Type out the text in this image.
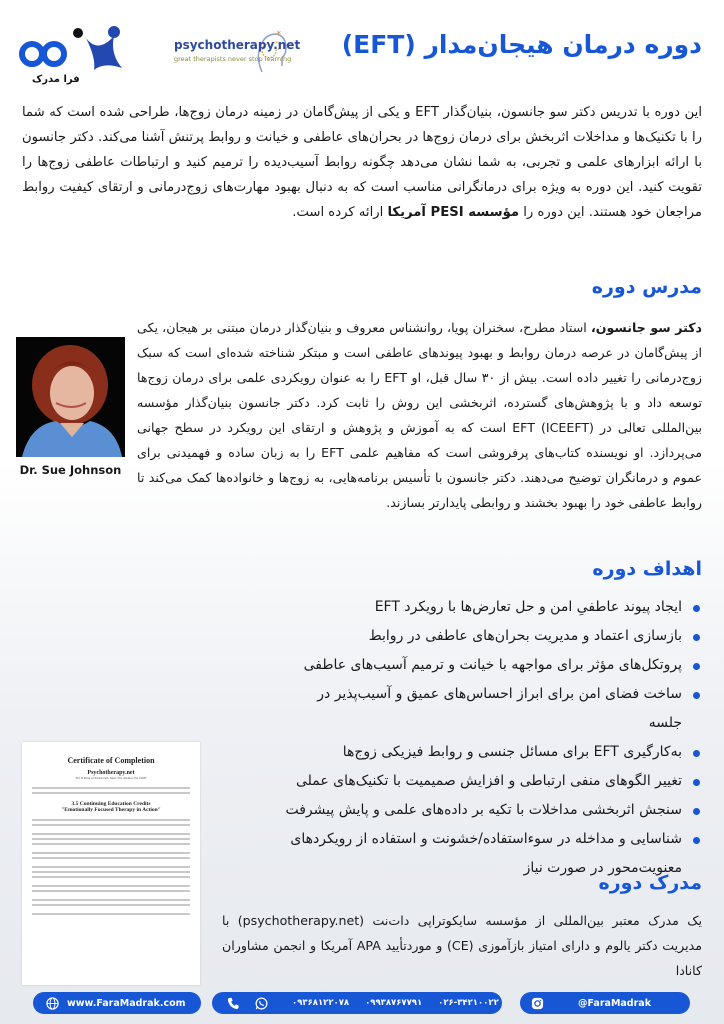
دوره درمان هیجان‌مدار (EFT)
فرا مدرک
*
psychotherapy.net
great therapists never stop learning

این دوره با تدریس دکتر سو جانسون، بنیان‌گذار EFT و یکی از پیش‌گامان در زمینه درمان زوج‌ها، طراحی شده است که شما را با تکنیک‌ها و مداخلات اثربخش برای درمان زوج‌ها در بحران‌های عاطفی و خیانت و روابط پرتنش آشنا می‌کند. دکتر جانسون با ارائه ابزارهای علمی و تجربی، به شما نشان می‌دهد چگونه روابط آسیب‌دیده را ترمیم کنید و ارتباطات عاطفی زوج‌ها را تقویت کنید. این دوره به ویژه برای درمانگرانی مناسب است که به دنبال بهبود مهارت‌های زوج‌درمانی و ارتقای کیفیت روابط مراجعان خود هستند. این دوره را مؤسسه PESI آمریکا ارائه کرده است.

مدرس دوره
Dr. Sue Johnson

دکتر سو جانسون، استاد مطرح، سخنران پویا، روانشناس معروف و بنیان‌گذار درمان مبتنی بر هیجان، یکی از پیش‌گامان در عرصه درمان روابط و بهبود پیوندهای عاطفی است و مبتکر شناخته شده‌ای است که سبک زوج‌درمانی را تغییر داده است. بیش از ۳۰ سال قبل، او EFT را به عنوان رویکردی علمی برای درمان زوج‌ها توسعه داد و با پژوهش‌های گسترده، اثربخشی این روش را ثابت کرد. دکتر جانسون بنیان‌گذار مؤسسه بین‌المللی تعالی در EFT (ICEEFT) است که به آموزش و پژوهش و ارتقای این رویکرد در سطح جهانی می‌پردازد. او نویسنده کتاب‌های پرفروشی است که مفاهیم علمی EFT را به زبان ساده و فهمیدنی برای عموم و درمانگران توضیح می‌دهند. دکتر جانسون با تأسیس برنامه‌هایی، به زوج‌ها و خانواده‌ها کمک می‌کند تا روابط عاطفی خود را بهبود بخشند و روابطی پایدارتر بسازند.

اهداف دوره
ایجاد پیوند عاطفیِ امن و حل تعارض‌ها با رویکرد EFT
بازسازی اعتماد و مدیریت بحران‌های عاطفی در روابط
پروتکل‌های مؤثر برای مواجهه با خیانت و ترمیم آسیب‌های عاطفی
ساخت فضای امن برای ابراز احساس‌های عمیق و آسیب‌پذیر در جلسه
به‌کارگیری EFT برای مسائل جنسی و روابط فیزیکی زوج‌ها
تغییر الگوهای منفی ارتباطی و افزایش صمیمیت با تکنیک‌های عملی
سنجش اثربخشی مداخلات با تکیه بر داده‌های علمی و پایش پیشرفت
شناسایی و مداخله در سوءاستفاده/خشونت و استفاده از رویکردهای معنویت‌محور در صورت نیاز
Certificate of Completion
Psychotherapy.net
301 N King of Prussia Rd, Suite 310, Radnor, PA 19087
3.5 Continuing Education Credits
"Emotionally Focused Therapy in Action"
مدرک دوره

یک مدرک معتبر بین‌المللی از مؤسسه سایکوتراپی دات‌نت (psychotherapy.net) با مدیریت دکتر یالوم و دارای امتیاز بازآموزی (CE) و موردتأیید APA آمریکا و انجمن مشاوران کانادا

www.FaraMadrak.com	۰۹۳۶۸۱۲۲۰۷۸ ۰۹۹۳۸۷۶۷۷۹۱ ۰۲۶-۳۴۲۱۰۰۲۲	@FaraMadrak
